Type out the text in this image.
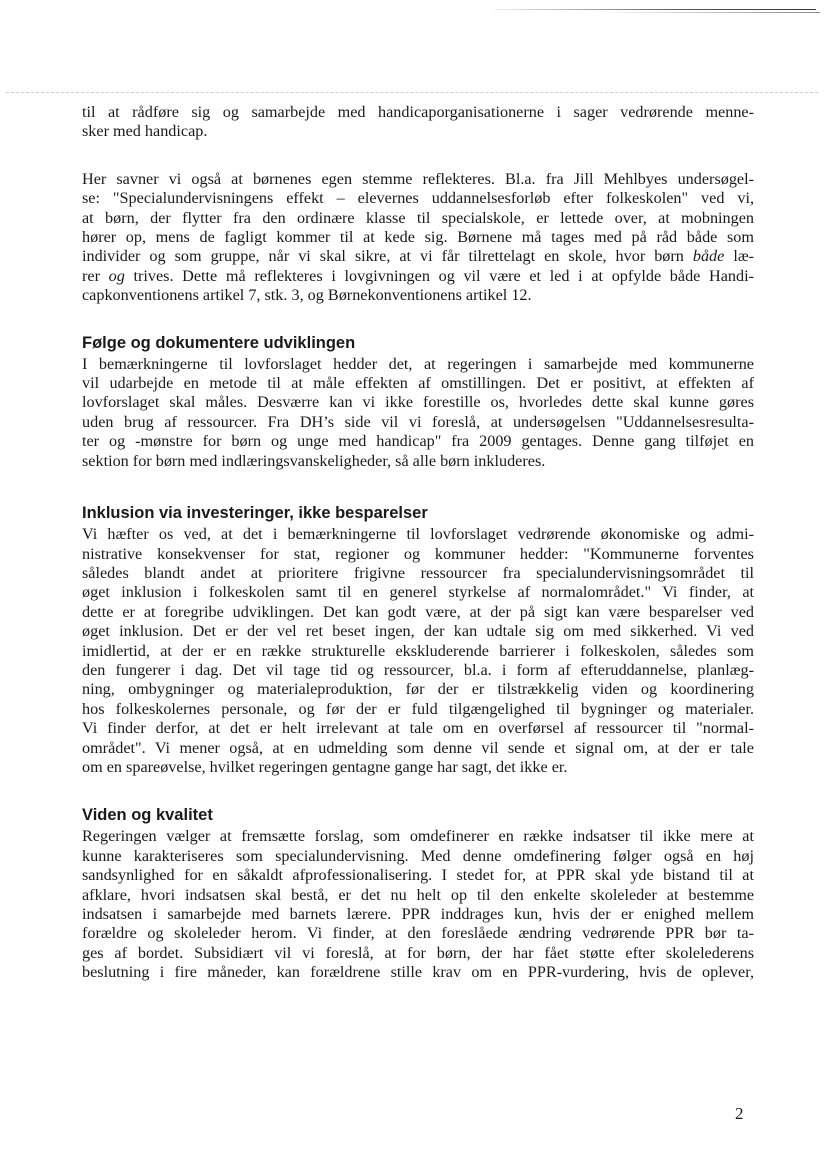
til at rådføre sig og samarbejde med handicaporganisationerne i sager vedrørende menne-
sker med handicap.
Her savner vi også at børnenes egen stemme reflekteres. Bl.a. fra Jill Mehlbyes undersøgel-
se: "Specialundervisningens effekt – elevernes uddannelsesforløb efter folkeskolen" ved vi,
at børn, der flytter fra den ordinære klasse til specialskole, er lettede over, at mobningen
hører op, mens de fagligt kommer til at kede sig. Børnene må tages med på råd både som
individer og som gruppe, når vi skal sikre, at vi får tilrettelagt en skole, hvor børn både læ-
rer og trives. Dette må reflekteres i lovgivningen og vil være et led i at opfylde både Handi-
capkonventionens artikel 7, stk. 3, og Børnekonventionens artikel 12.
Følge og dokumentere udviklingen
I bemærkningerne til lovforslaget hedder det, at regeringen i samarbejde med kommunerne
vil udarbejde en metode til at måle effekten af omstillingen. Det er positivt, at effekten af
lovforslaget skal måles. Desværre kan vi ikke forestille os, hvorledes dette skal kunne gøres
uden brug af ressourcer. Fra DH’s side vil vi foreslå, at undersøgelsen "Uddannelsesresulta-
ter og -mønstre for børn og unge med handicap" fra 2009 gentages. Denne gang tilføjet en
sektion for børn med indlæringsvanskeligheder, så alle børn inkluderes.
Inklusion via investeringer, ikke besparelser
Vi hæfter os ved, at det i bemærkningerne til lovforslaget vedrørende økonomiske og admi-
nistrative konsekvenser for stat, regioner og kommuner hedder: "Kommunerne forventes
således blandt andet at prioritere frigivne ressourcer fra specialundervisningsområdet til
øget inklusion i folkeskolen samt til en generel styrkelse af normalområdet." Vi finder, at
dette er at foregribe udviklingen. Det kan godt være, at der på sigt kan være besparelser ved
øget inklusion. Det er der vel ret beset ingen, der kan udtale sig om med sikkerhed. Vi ved
imidlertid, at der er en række strukturelle ekskluderende barrierer i folkeskolen, således som
den fungerer i dag. Det vil tage tid og ressourcer, bl.a. i form af efteruddannelse, planlæg-
ning, ombygninger og materialeproduktion, før der er tilstrækkelig viden og koordinering
hos folkeskolernes personale, og før der er fuld tilgængelighed til bygninger og materialer.
Vi finder derfor, at det er helt irrelevant at tale om en overførsel af ressourcer til "normal-
området". Vi mener også, at en udmelding som denne vil sende et signal om, at der er tale
om en spareøvelse, hvilket regeringen gentagne gange har sagt, det ikke er.
Viden og kvalitet
Regeringen vælger at fremsætte forslag, som omdefinerer en række indsatser til ikke mere at
kunne karakteriseres som specialundervisning. Med denne omdefinering følger også en høj
sandsynlighed for en såkaldt afprofessionalisering. I stedet for, at PPR skal yde bistand til at
afklare, hvori indsatsen skal bestå, er det nu helt op til den enkelte skoleleder at bestemme
indsatsen i samarbejde med barnets lærere. PPR inddrages kun, hvis der er enighed mellem
forældre og skoleleder herom. Vi finder, at den foreslåede ændring vedrørende PPR bør ta-
ges af bordet. Subsidiært vil vi foreslå, at for børn, der har fået støtte efter skolelederens
beslutning i fire måneder, kan forældrene stille krav om en PPR-vurdering, hvis de oplever,
2
